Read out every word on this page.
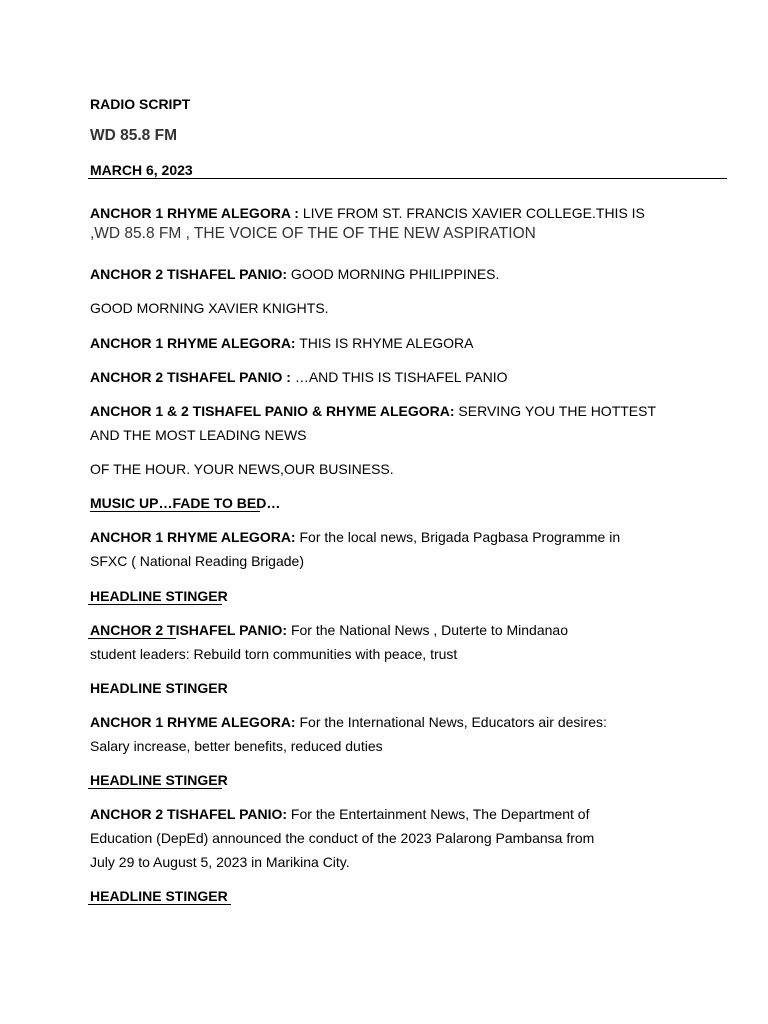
RADIO SCRIPT
WD 85.8 FM
MARCH 6, 2023
ANCHOR 1 RHYME ALEGORA : LIVE FROM ST. FRANCIS XAVIER COLLEGE.THIS IS
,WD 85.8 FM , THE VOICE OF THE OF THE NEW ASPIRATION
ANCHOR 2 TISHAFEL PANIO: GOOD MORNING PHILIPPINES.
GOOD MORNING XAVIER KNIGHTS.
ANCHOR 1 RHYME ALEGORA: THIS IS RHYME ALEGORA
ANCHOR 2 TISHAFEL PANIO : …AND THIS IS TISHAFEL PANIO
ANCHOR 1 & 2 TISHAFEL PANIO & RHYME ALEGORA: SERVING YOU THE HOTTEST
AND THE MOST LEADING NEWS
OF THE HOUR. YOUR NEWS,OUR BUSINESS.
MUSIC UP…FADE TO BED…
ANCHOR 1 RHYME ALEGORA: For the local news, Brigada Pagbasa Programme in
SFXC ( National Reading Brigade)
HEADLINE STINGER
ANCHOR 2 TISHAFEL PANIO: For the National News , Duterte to Mindanao
student leaders: Rebuild torn communities with peace, trust
HEADLINE STINGER
ANCHOR 1 RHYME ALEGORA: For the International News, Educators air desires:
Salary increase, better benefits, reduced duties
HEADLINE STINGER
ANCHOR 2 TISHAFEL PANIO: For the Entertainment News, The Department of
Education (DepEd) announced the conduct of the 2023 Palarong Pambansa from
July 29 to August 5, 2023 in Marikina City.
HEADLINE STINGER
